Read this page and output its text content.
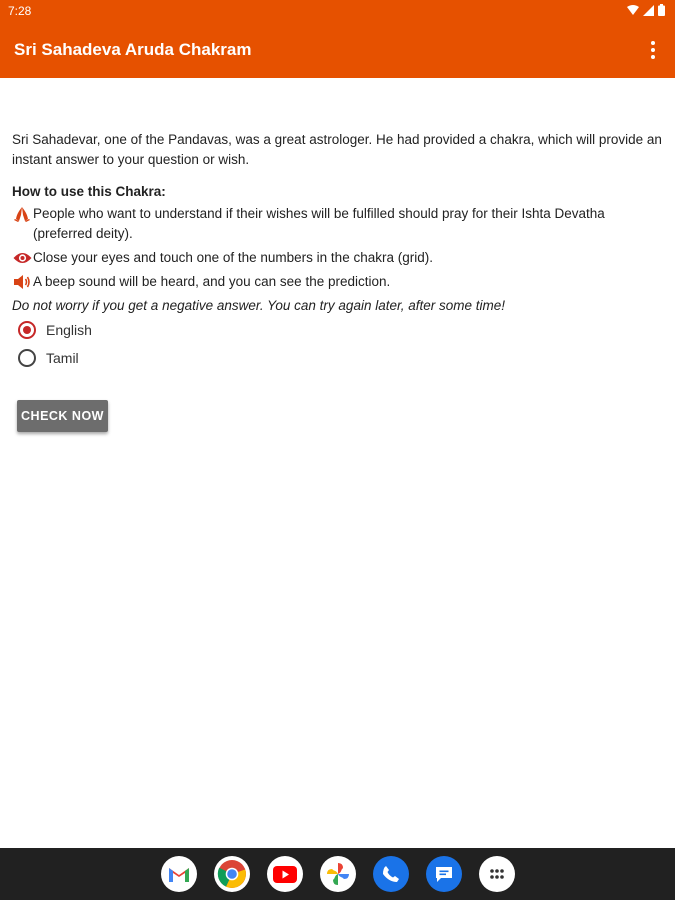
7:28
Sri Sahadeva Aruda Chakram

Sri Sahadevar, one of the Pandavas, was a great astrologer. He had provided a chakra, which will provide an instant answer to your question or wish.

How to use this Chakra:
People who want to understand if their wishes will be fulfilled should pray for their Ishta Devatha (preferred deity).
Close your eyes and touch one of the numbers in the chakra (grid).
A beep sound will be heard, and you can see the prediction.

Do not worry if you get a negative answer. You can try again later, after some time!

English
Tamil
CHECK NOW
